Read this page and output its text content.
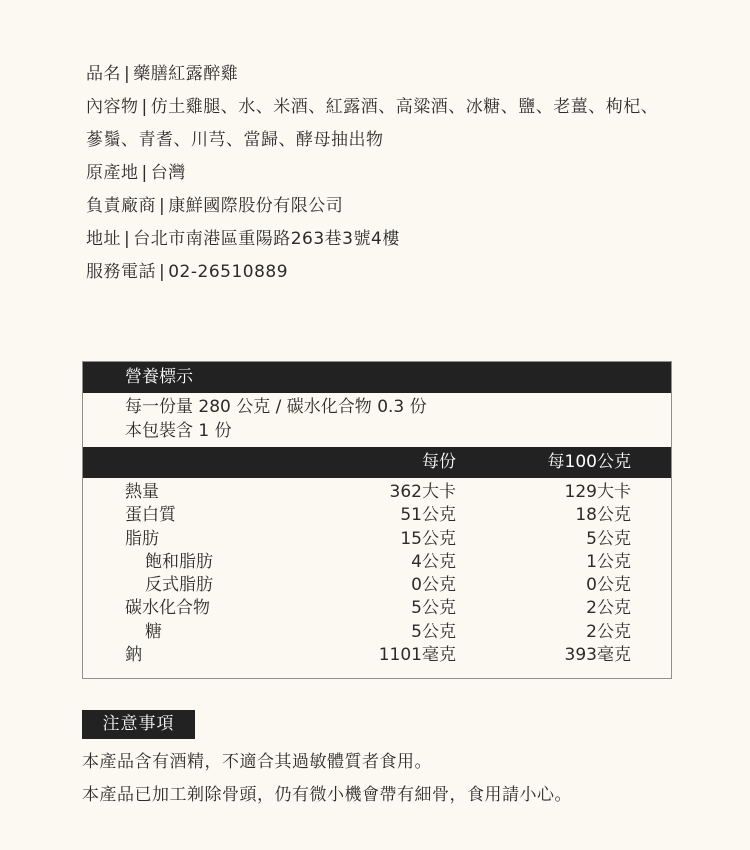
品名 | 藥膳紅露醉雞
內容物 | 仿土雞腿、水、米酒、紅露酒、高粱酒、冰糖、鹽、老薑、枸杞、
蔘鬚、青耆、川芎、當歸、酵母抽出物
原產地 | 台灣
負責廠商 | 康鮮國際股份有限公司
地址 | 台北市南港區重陽路263巷3號4樓
服務電話 | 02-26510889
營養標示
每一份量 280 公克 / 碳水化合物 0.3 份
本包裝含 1 份
每份	每100公克
熱量	362大卡	129大卡
蛋白質	51公克	18公克
脂肪	15公克	5公克
飽和脂肪	4公克	1公克
反式脂肪	0公克	0公克
碳水化合物	5公克	2公克
糖	5公克	2公克
鈉	1101毫克	393毫克
注意事項
本產品含有酒精，不適合其過敏體質者食用。
本產品已加工剃除骨頭，仍有微小機會帶有細骨，食用請小心。
